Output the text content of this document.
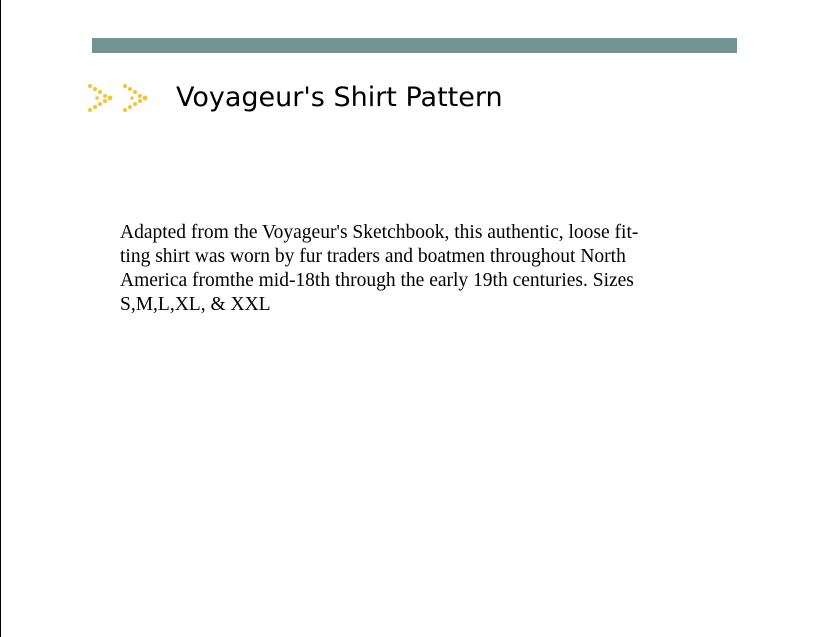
Voyageur's Shirt Pattern

Adapted from the Voyageur's Sketchbook, this authentic, loose fit-
ting shirt was worn by fur traders and boatmen throughout North
America fromthe mid-18th through the early 19th centuries. Sizes
S,M,L,XL, & XXL
